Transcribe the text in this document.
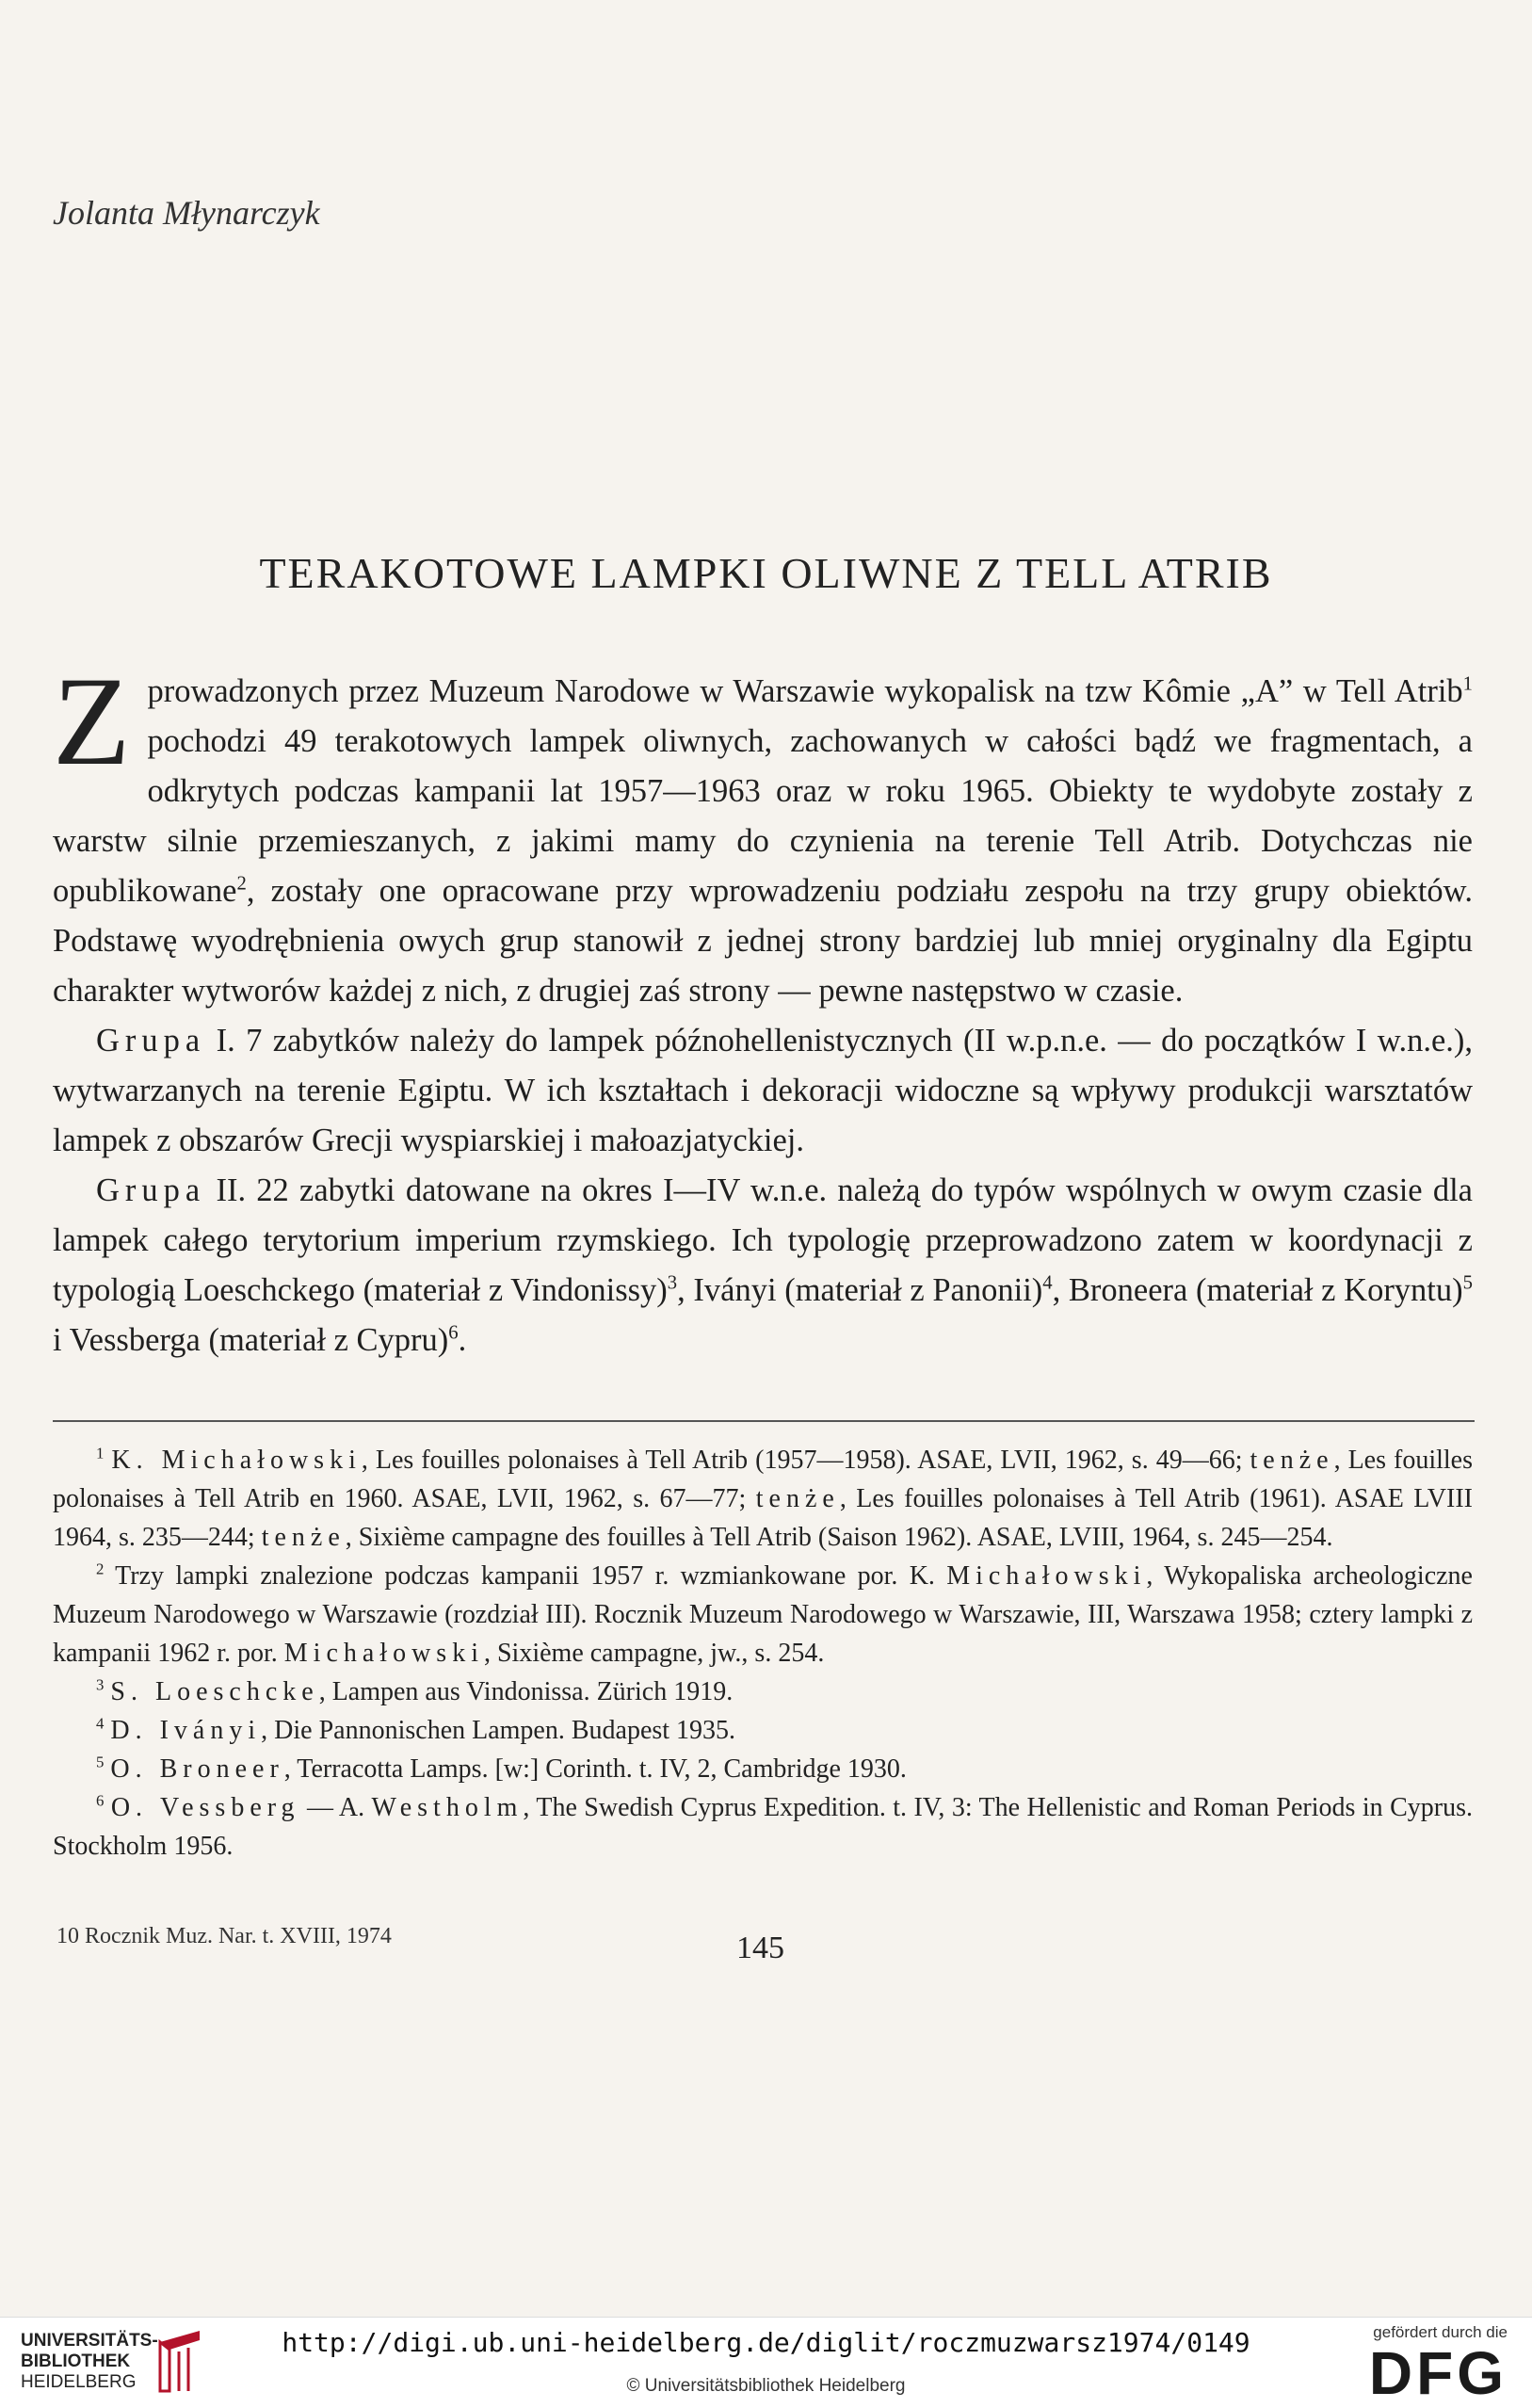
Jolanta Młynarczyk
TERAKOTOWE LAMPKI OLIWNE Z TELL ATRIB

Z prowadzonych przez Muzeum Narodowe w Warszawie wykopalisk na tzw Kômie „A” w Tell Atrib$^1$ pochodzi 49 terakotowych lampek oliwnych, zachowanych w całości bądź we fragmentach, a odkrytych podczas kampanii lat 1957—1963 oraz w roku 1965. Obiekty te wydobyte zostały z warstw silnie przemieszanych, z jakimi mamy do czynienia na terenie Tell Atrib. Dotychczas nie opublikowane$^2$, zostały one opracowane przy wprowadzeniu podziału zespołu na trzy grupy obiektów. Podstawę wyodrębnienia owych grup stanowił z jednej strony bardziej lub mniej oryginalny dla Egiptu charakter wytworów każdej z nich, z drugiej zaś strony — pewne następstwo w czasie.

Grupa I. 7 zabytków należy do lampek późnohellenistycznych (II w.p.n.e. — do początków I w.n.e.), wytwarzanych na terenie Egiptu. W ich kształtach i dekoracji widoczne są wpływy produkcji warsztatów lampek z obszarów Grecji wyspiarskiej i małoazjatyckiej.

Grupa II. 22 zabytki datowane na okres I—IV w.n.e. należą do typów wspólnych w owym czasie dla lampek całego terytorium imperium rzymskiego. Ich typologię przeprowadzono zatem w koordynacji z typologią Loeschckego (materiał z Vindonissy)$^3$, Iványi (materiał z Panonii)$^4$, Broneera (materiał z Koryntu)$^5$ i Vessberga (materiał z Cypru)$^6$.

$^1$ K. Michałowski, Les fouilles polonaises à Tell Atrib (1957—1958). ASAE, LVII, 1962, s. 49—66; tenże, Les fouilles polonaises à Tell Atrib en 1960. ASAE, LVII, 1962, s. 67—77; tenże, Les fouilles polonaises à Tell Atrib (1961). ASAE LVIII 1964, s. 235—244; tenże, Sixième campagne des fouilles à Tell Atrib (Saison 1962). ASAE, LVIII, 1964, s. 245—254.

$^2$ Trzy lampki znalezione podczas kampanii 1957 r. wzmiankowane por. K. Michałowski, Wykopaliska archeologiczne Muzeum Narodowego w Warszawie (rozdział III). Rocznik Muzeum Narodowego w Warszawie, III, Warszawa 1958; cztery lampki z kampanii 1962 r. por. Michałowski, Sixième campagne, jw., s. 254.

$^3$ S. Loeschcke, Lampen aus Vindonissa. Zürich 1919.

$^4$ D. Iványi, Die Pannonischen Lampen. Budapest 1935.

$^5$ O. Broneer, Terracotta Lamps. [w:] Corinth. t. IV, 2, Cambridge 1930.

$^6$ O. Vessberg — A. Westholm, The Swedish Cyprus Expedition. t. IV, 3: The Hellenistic and Roman Periods in Cyprus. Stockholm 1956.

10 Rocznik Muz. Nar. t. XVIII, 1974	145
UNIVERSITÄTS-
BIBLIOTHEK
HEIDELBERG
http://digi.ub.uni-heidelberg.de/diglit/roczmuzwarsz1974/0149
© Universitätsbibliothek Heidelberg
gefördert durch die
DFG
